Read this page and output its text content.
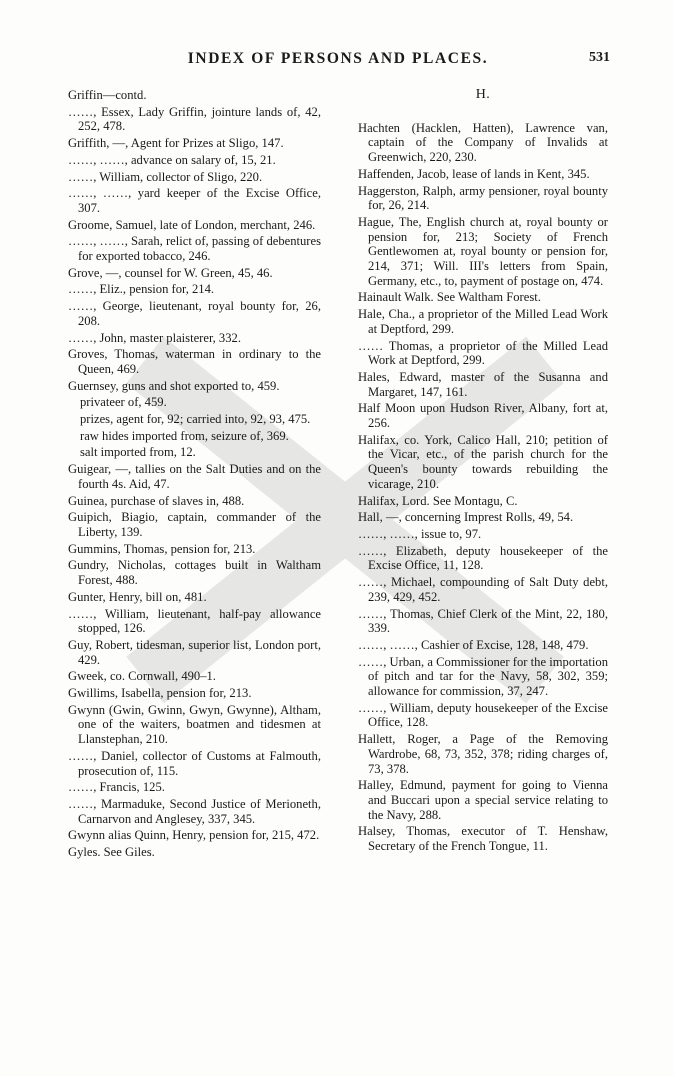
INDEX OF PERSONS AND PLACES.	531

Griffin—contd.

……, Essex, Lady Griffin, jointure lands of, 42, 252, 478.

Griffith, —, Agent for Prizes at Sligo, 147.

……, ……, advance on salary of, 15, 21.

……, William, collector of Sligo, 220.

……, ……, yard keeper of the Excise Office, 307.

Groome, Samuel, late of London, merchant, 246.

……, ……, Sarah, relict of, passing of debentures for exported tobacco, 246.

Grove, —, counsel for W. Green, 45, 46.

……, Eliz., pension for, 214.

……, George, lieutenant, royal bounty for, 26, 208.

……, John, master plaisterer, 332.

Groves, Thomas, waterman in ordinary to the Queen, 469.

Guernsey, guns and shot exported to, 459.

privateer of, 459.

prizes, agent for, 92; carried into, 92, 93, 475.

raw hides imported from, seizure of, 369.

salt imported from, 12.

Guigear, —, tallies on the Salt Duties and on the fourth 4s. Aid, 47.

Guinea, purchase of slaves in, 488.

Guipich, Biagio, captain, commander of the Liberty, 139.

Gummins, Thomas, pension for, 213.

Gundry, Nicholas, cottages built in Waltham Forest, 488.

Gunter, Henry, bill on, 481.

……, William, lieutenant, half-pay allowance stopped, 126.

Guy, Robert, tidesman, superior list, London port, 429.

Gweek, co. Cornwall, 490–1.

Gwillims, Isabella, pension for, 213.

Gwynn (Gwin, Gwinn, Gwyn, Gwynne), Altham, one of the waiters, boatmen and tidesmen at Llanstephan, 210.

……, Daniel, collector of Customs at Falmouth, prosecution of, 115.

……, Francis, 125.

……, Marmaduke, Second Justice of Merioneth, Carnarvon and Anglesey, 337, 345.

Gwynn alias Quinn, Henry, pension for, 215, 472.

Gyles. See Giles.

H.

Hachten (Hacklen, Hatten), Lawrence van, captain of the Company of Invalids at Greenwich, 220, 230.

Haffenden, Jacob, lease of lands in Kent, 345.

Haggerston, Ralph, army pensioner, royal bounty for, 26, 214.

Hague, The, English church at, royal bounty or pension for, 213; Society of French Gentlewomen at, royal bounty or pension for, 214, 371; Will. III's letters from Spain, Germany, etc., to, payment of postage on, 474.

Hainault Walk. See Waltham Forest.

Hale, Cha., a proprietor of the Milled Lead Work at Deptford, 299.

…… Thomas, a proprietor of the Milled Lead Work at Deptford, 299.

Hales, Edward, master of the Susanna and Margaret, 147, 161.

Half Moon upon Hudson River, Albany, fort at, 256.

Halifax, co. York, Calico Hall, 210; petition of the Vicar, etc., of the parish church for the Queen's bounty towards rebuilding the vicarage, 210.

Halifax, Lord. See Montagu, C.

Hall, —, concerning Imprest Rolls, 49, 54.

……, ……, issue to, 97.

……, Elizabeth, deputy housekeeper of the Excise Office, 11, 128.

……, Michael, compounding of Salt Duty debt, 239, 429, 452.

……, Thomas, Chief Clerk of the Mint, 22, 180, 339.

……, ……, Cashier of Excise, 128, 148, 479.

……, Urban, a Commissioner for the importation of pitch and tar for the Navy, 58, 302, 359; allowance for commission, 37, 247.

……, William, deputy housekeeper of the Excise Office, 128.

Hallett, Roger, a Page of the Removing Wardrobe, 68, 73, 352, 378; riding charges of, 73, 378.

Halley, Edmund, payment for going to Vienna and Buccari upon a special service relating to the Navy, 288.

Halsey, Thomas, executor of T. Henshaw, Secretary of the French Tongue, 11.
